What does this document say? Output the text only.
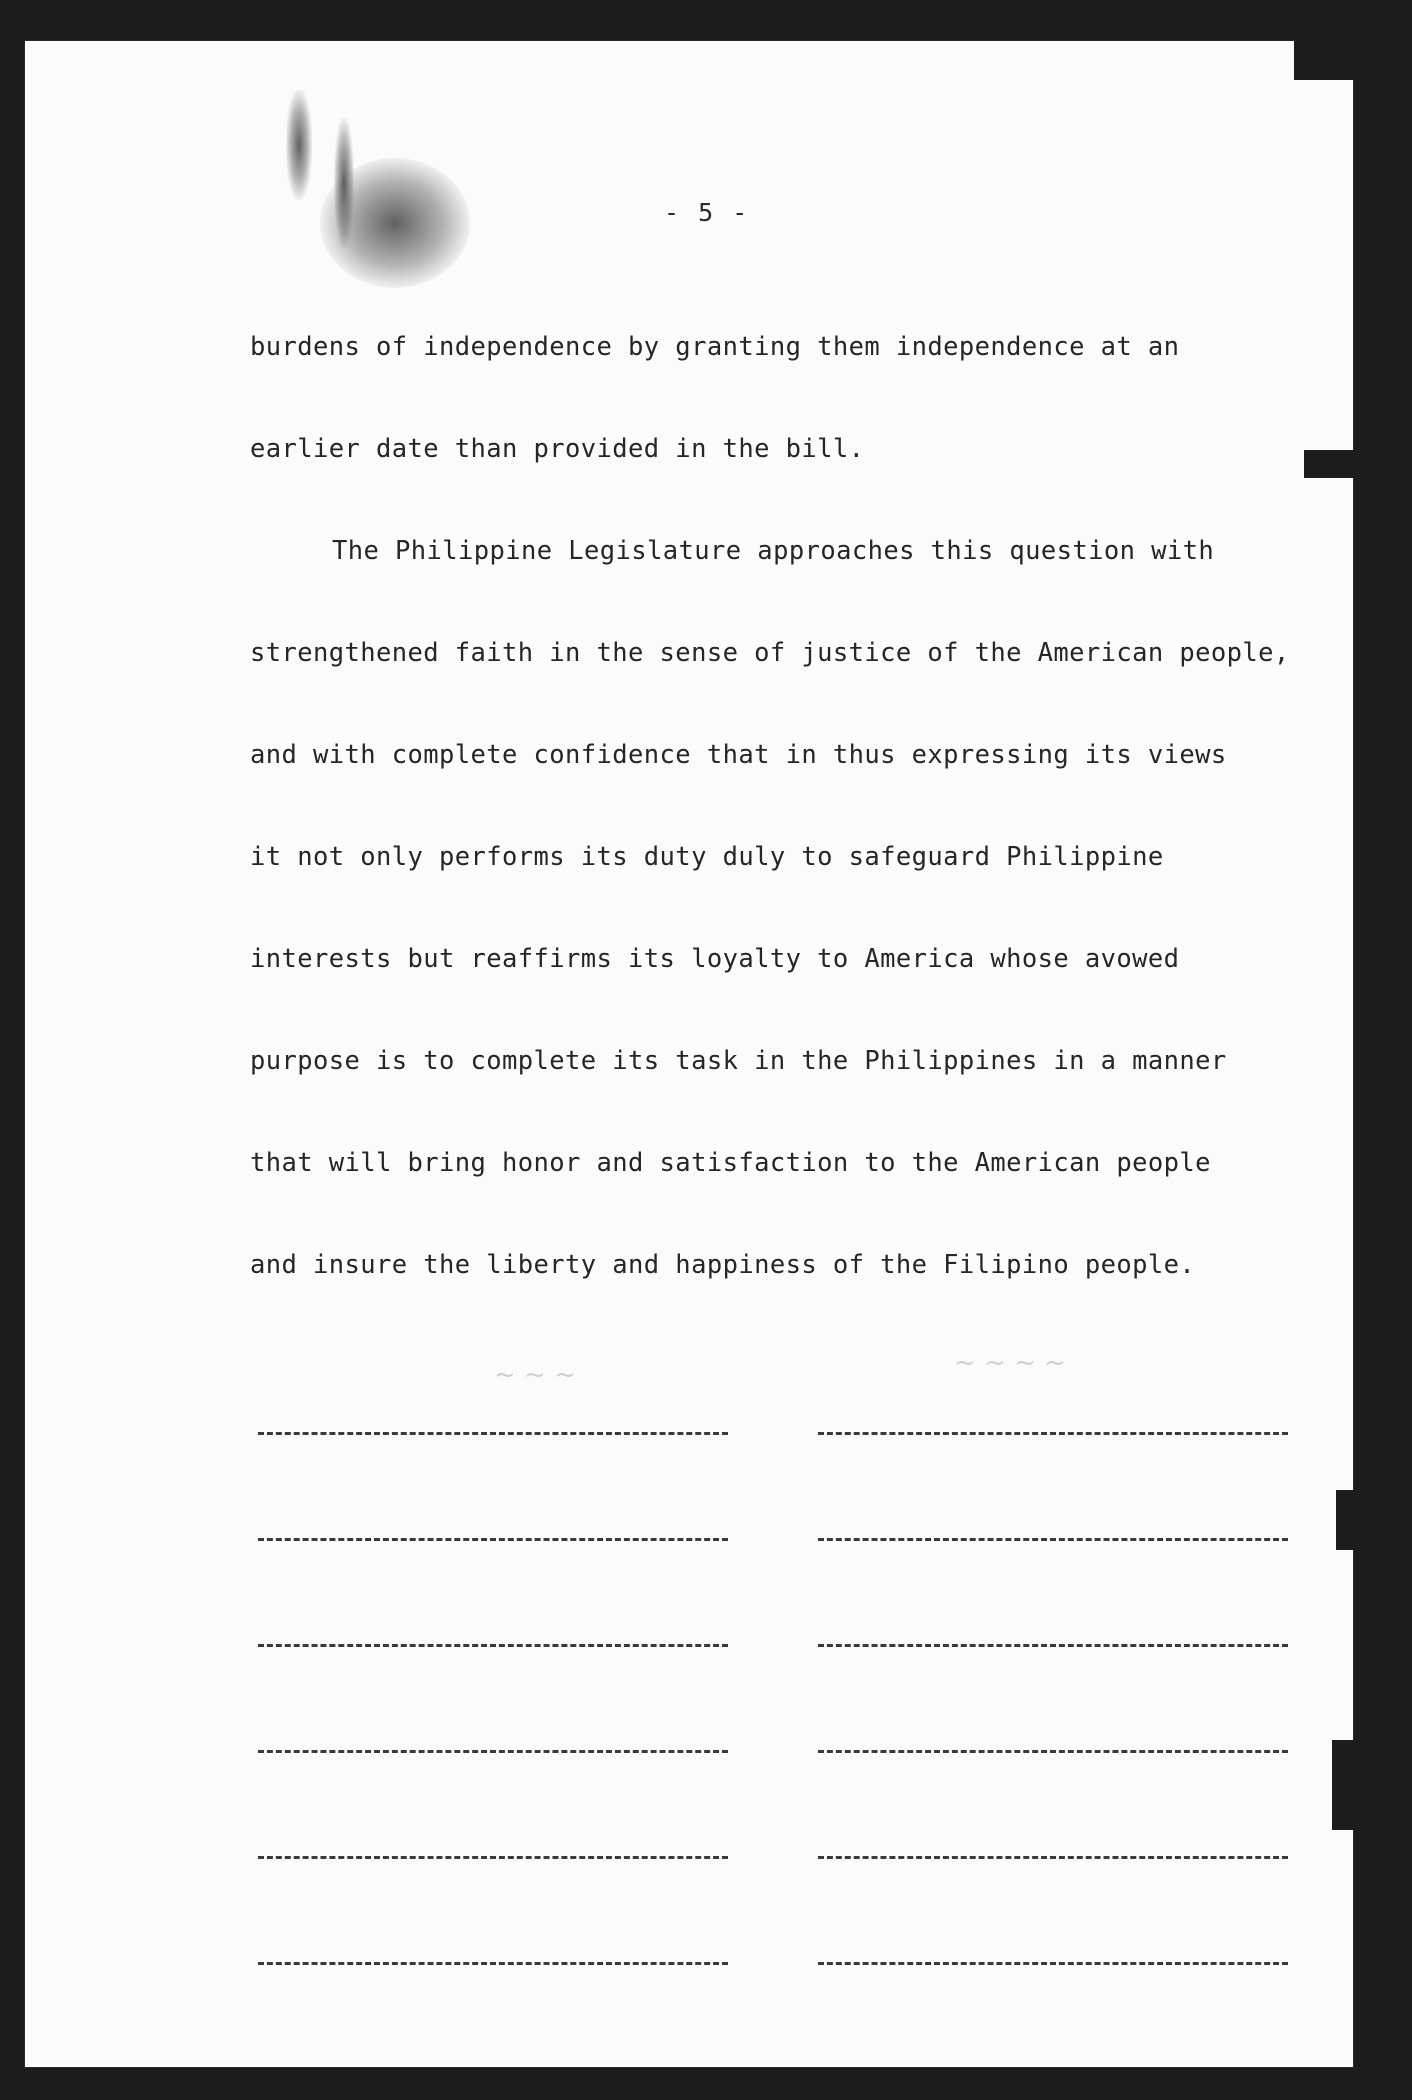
- 5 -
burdens of independence by granting them independence at an
earlier date than provided in the bill.
The Philippine Legislature approaches this question with
strengthened faith in the sense of justice of the American people,
and with complete confidence that in thus expressing its views
it not only performs its duty duly to safeguard Philippine
interests but reaffirms its loyalty to America whose avowed
purpose is to complete its task in the Philippines in a manner
that will bring honor and satisfaction to the American people
and insure the liberty and happiness of the Filipino people.
~ ~ ~	~ ~ ~ ~
